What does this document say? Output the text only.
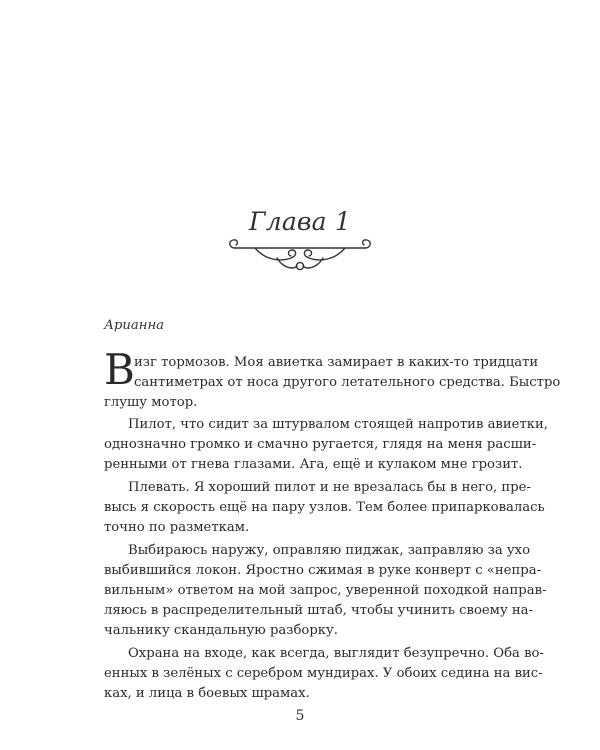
Глава 1
Арианна
В изг тормозов. Моя авиетка замирает в каких-то тридцати
сантиметрах от носа другого летательного средства. Быстро
глушу мотор.
Пилот, что сидит за штурвалом стоящей напротив авиетки,
однозначно громко и смачно ругается, глядя на меня расши-
ренными от гнева глазами. Ага, ещё и кулаком мне грозит.
Плевать. Я хороший пилот и не врезалась бы в него, пре-
высь я скорость ещё на пару узлов. Тем более припарковалась
точно по разметкам.
Выбираюсь наружу, оправляю пиджак, заправляю за ухо
выбившийся локон. Яростно сжимая в руке конверт с «непра-
вильным» ответом на мой запрос, уверенной походкой направ-
ляюсь в распределительный штаб, чтобы учинить своему на-
чальнику скандальную разборку.
Охрана на входе, как всегда, выглядит безупречно. Оба во-
енных в зелёных с серебром мундирах. У обоих седина на вис-
ках, и лица в боевых шрамах.
5
